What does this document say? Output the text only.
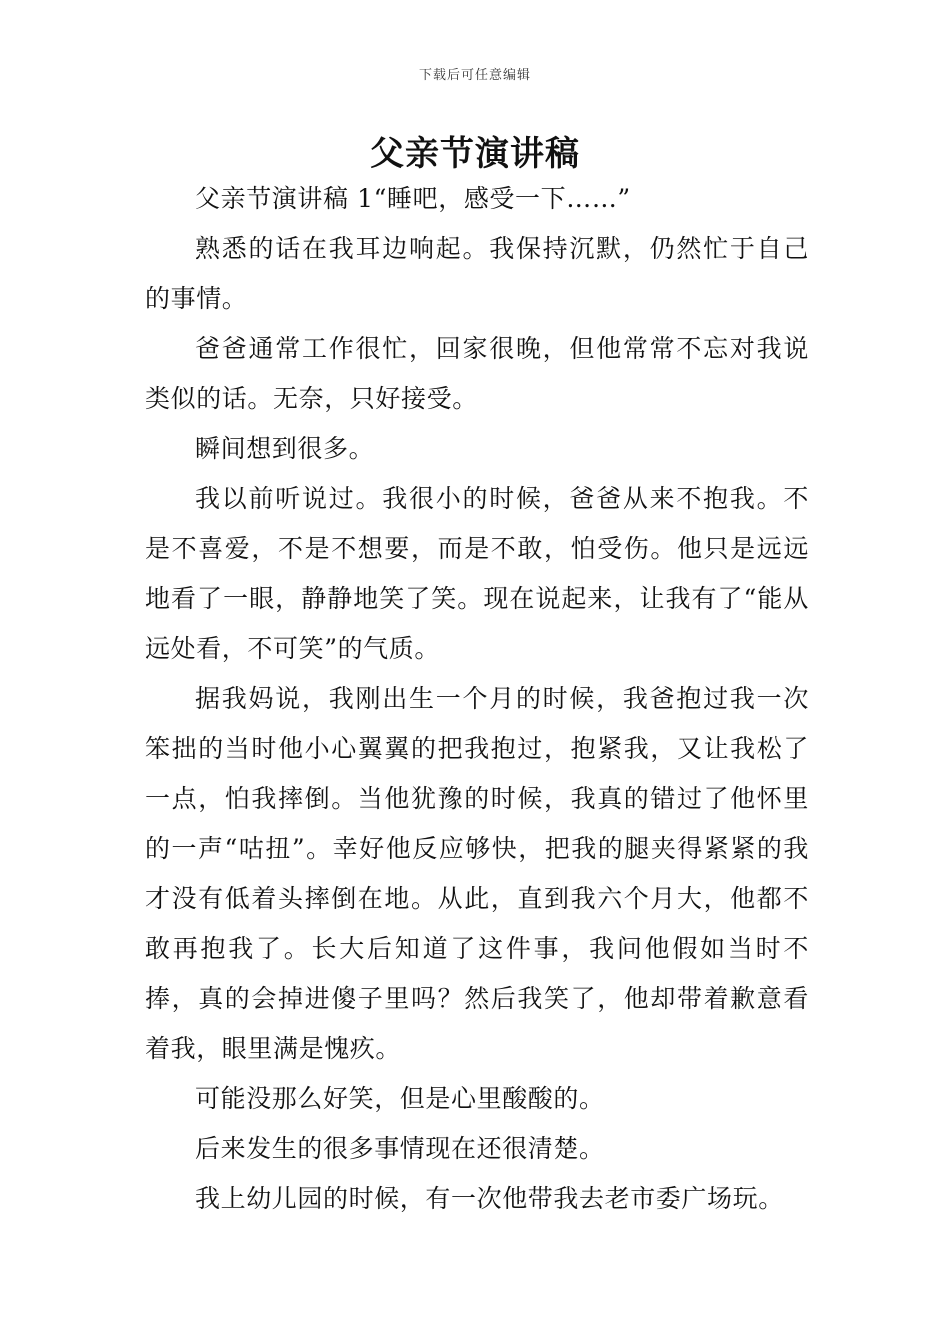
下载后可任意编辑
父亲节演讲稿

父亲节演讲稿 1“睡吧，感受一下……”

熟悉的话在我耳边响起。我保持沉默，仍然忙于自己的事情。

爸爸通常工作很忙，回家很晚，但他常常不忘对我说类似的话。无奈，只好接受。

瞬间想到很多。

我以前听说过。我很小的时候，爸爸从来不抱我。不是不喜爱，不是不想要，而是不敢，怕受伤。他只是远远地看了一眼，静静地笑了笑。现在说起来，让我有了“能从远处看，不可笑”的气质。

据我妈说，我刚出生一个月的时候，我爸抱过我一次笨拙的当时他小心翼翼的把我抱过，抱紧我，又让我松了一点，怕我摔倒。当他犹豫的时候，我真的错过了他怀里的一声“咕扭”。幸好他反应够快，把我的腿夹得紧紧的我才没有低着头摔倒在地。从此，直到我六个月大，他都不敢再抱我了。长大后知道了这件事，我问他假如当时不捧，真的会掉进傻子里吗？然后我笑了，他却带着歉意看着我，眼里满是愧疚。

可能没那么好笑，但是心里酸酸的。

后来发生的很多事情现在还很清楚。

我上幼儿园的时候，有一次他带我去老市委广场玩。
